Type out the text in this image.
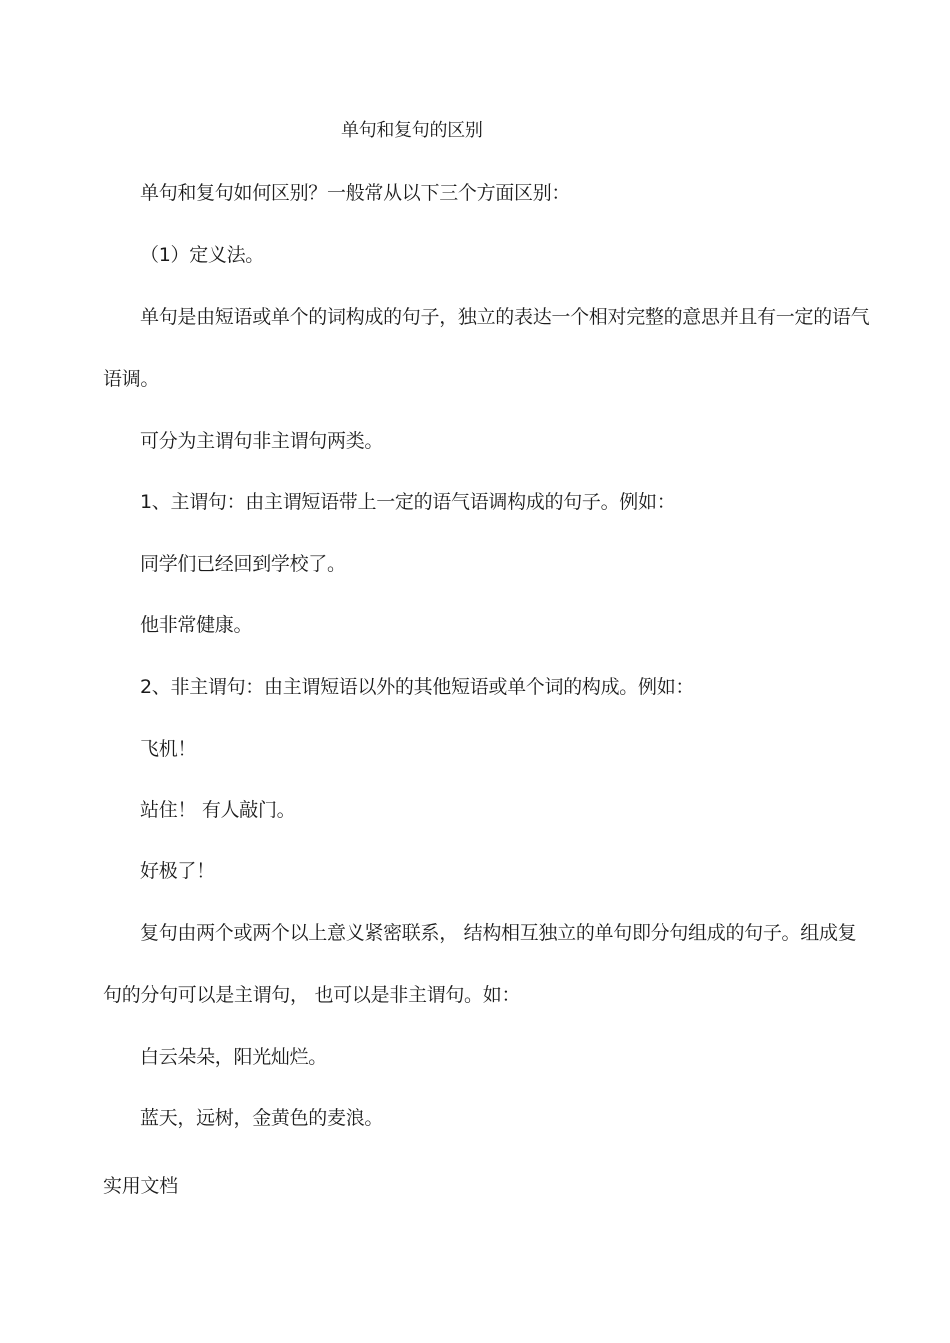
单句和复句的区别
单句和复句如何区别？一般常从以下三个方面区别：
（1）定义法。
单句是由短语或单个的词构成的句子，独立的表达一个相对完整的意思并且有一定的语气
语调。
可分为主谓句非主谓句两类。
1、主谓句：由主谓短语带上一定的语气语调构成的句子。例如：
同学们已经回到学校了。
他非常健康。
2、非主谓句：由主谓短语以外的其他短语或单个词的构成。例如：
飞机！
站住！ 有人敲门。
好极了！
复句由两个或两个以上意义紧密联系， 结构相互独立的单句即分句组成的句子。组成复
句的分句可以是主谓句， 也可以是非主谓句。如：
白云朵朵，阳光灿烂。
蓝天，远树，金黄色的麦浪。
实用文档
